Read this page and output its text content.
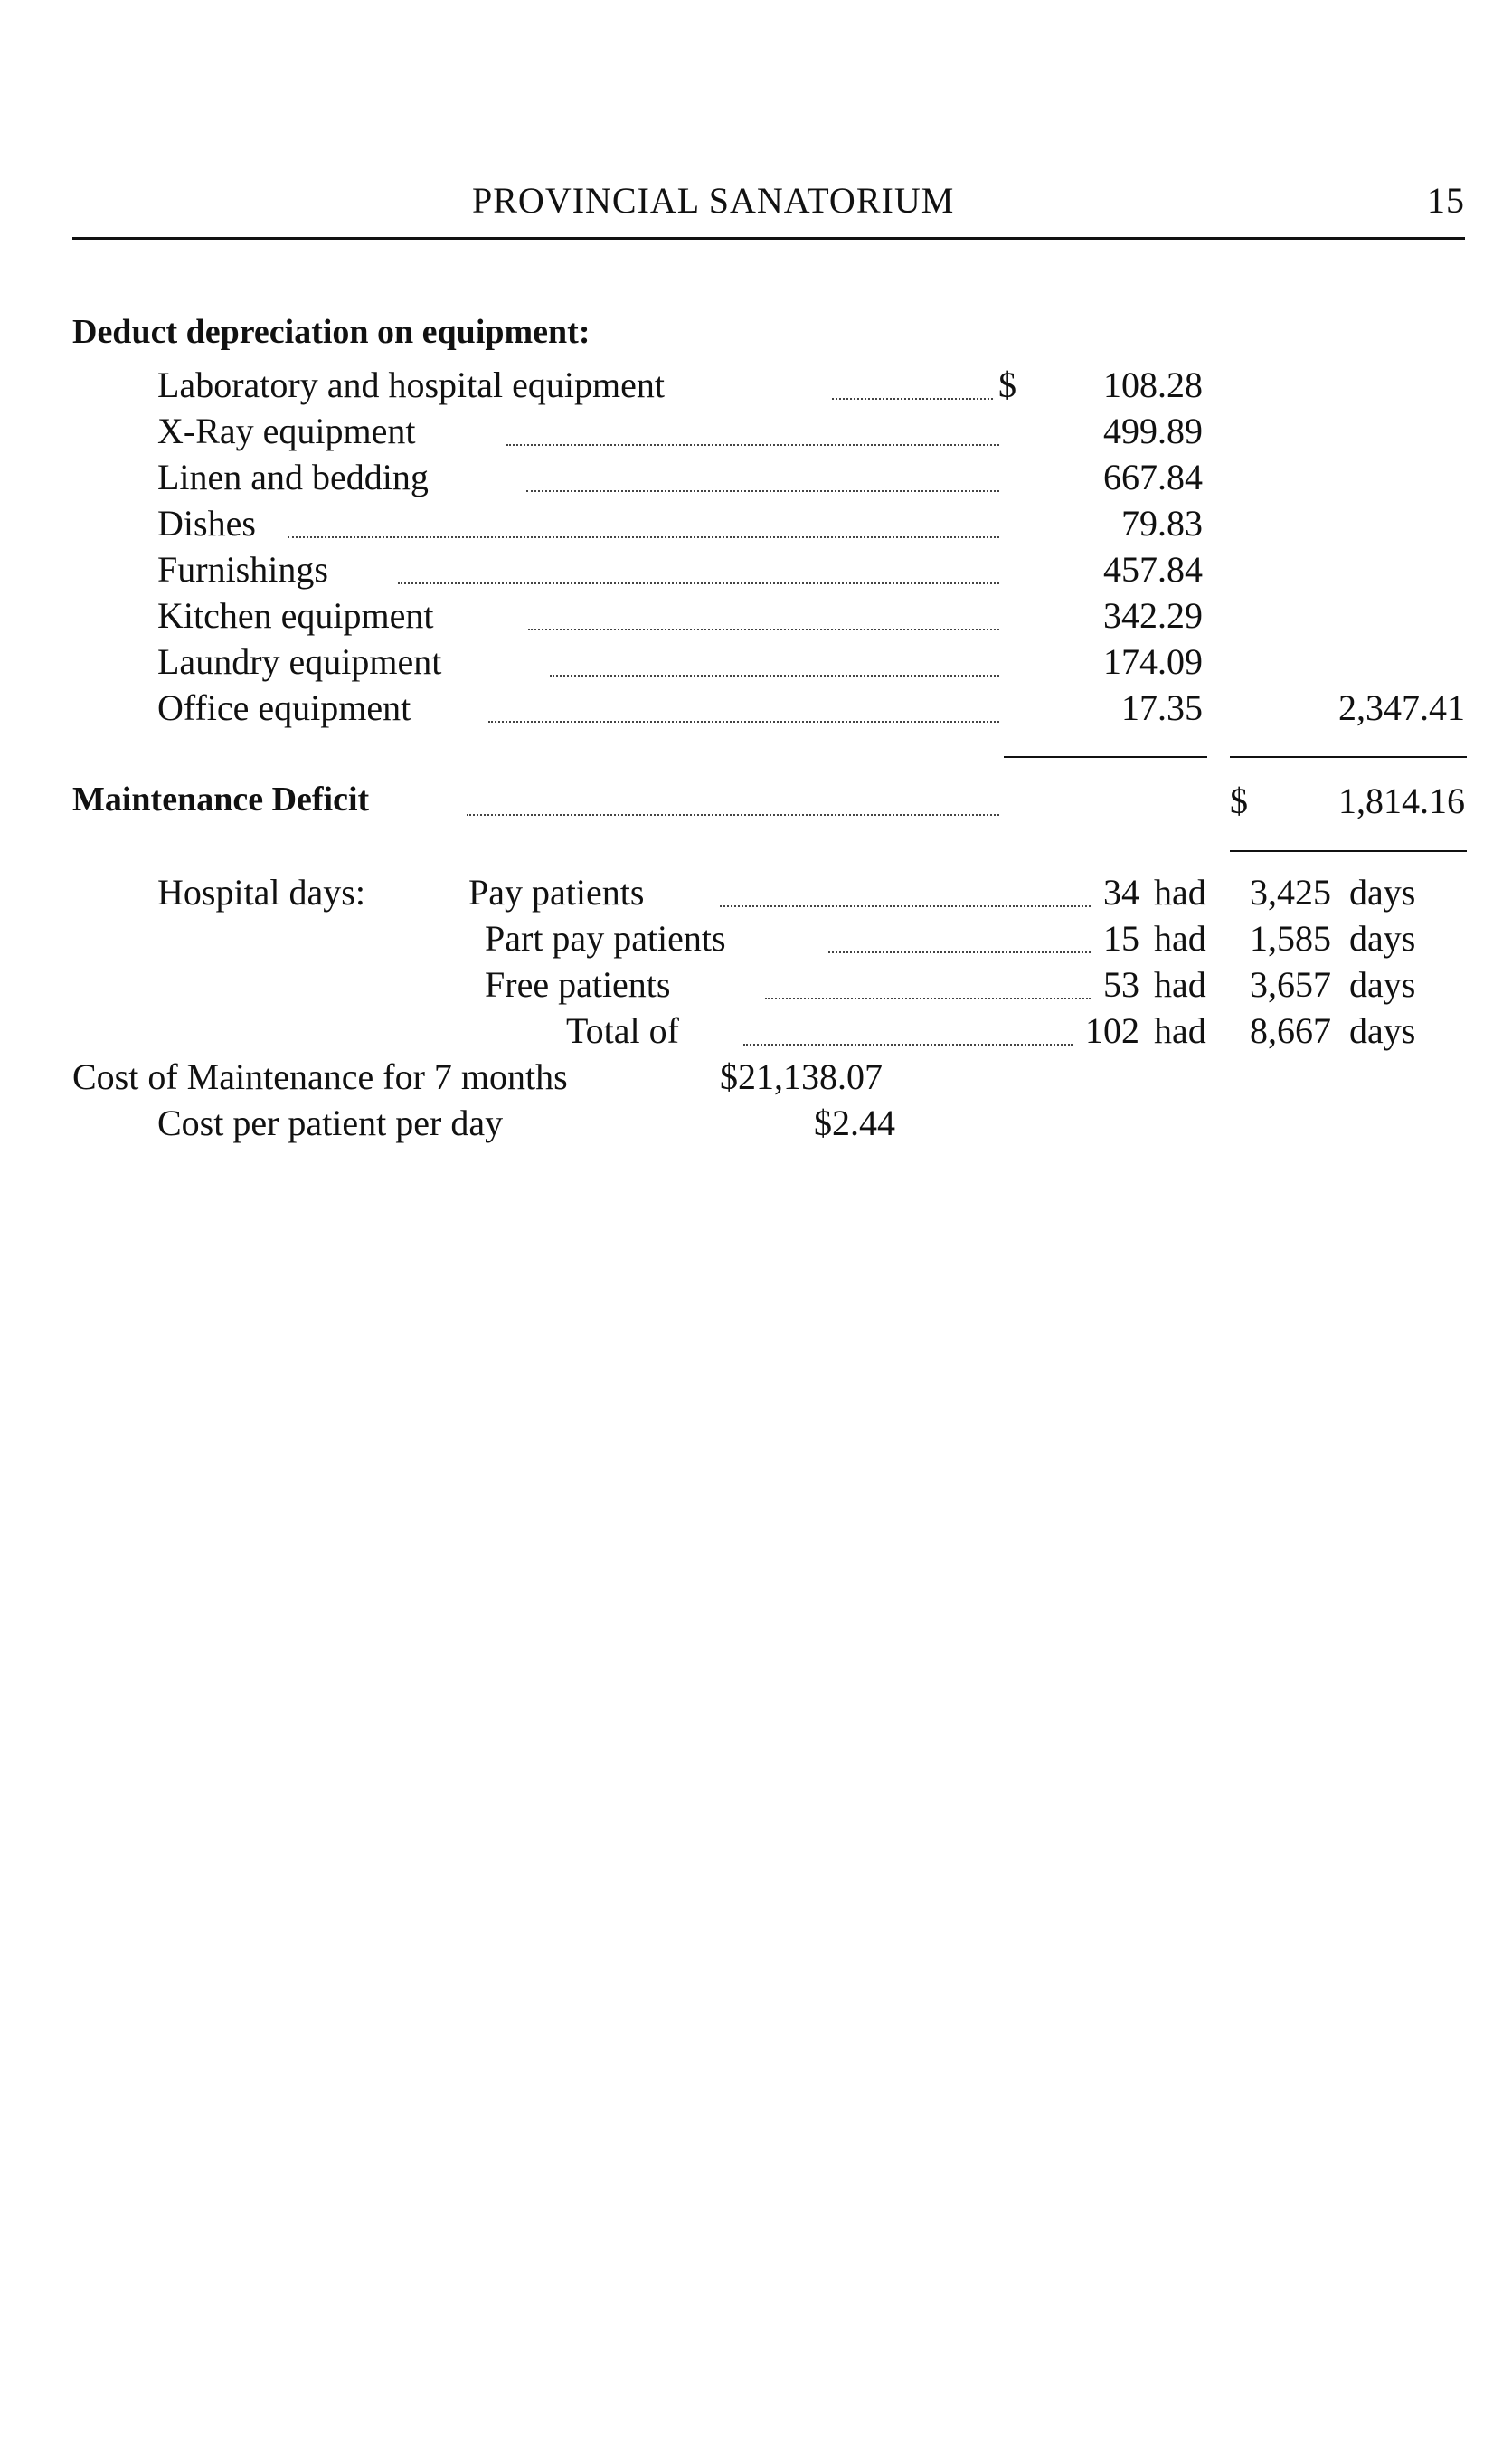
PROVINCIAL SANATORIUM	15
Deduct depreciation on equipment:
Laboratory and hospital equipment	$	108.28
X-Ray equipment	499.89
Linen and bedding	667.84
Dishes	79.83
Furnishings	457.84
Kitchen equipment	342.29
Laundry equipment	174.09
Office equipment	17.35	2,347.41
Maintenance Deficit	$	1,814.16
Hospital days:	Pay patients	34 had	3,425 days
Part pay patients	15 had	1,585 days
Free patients	53 had	3,657 days
Total of	102 had	8,667 days
Cost of Maintenance for 7 months	$21,138.07
Cost per patient per day	$2.44
